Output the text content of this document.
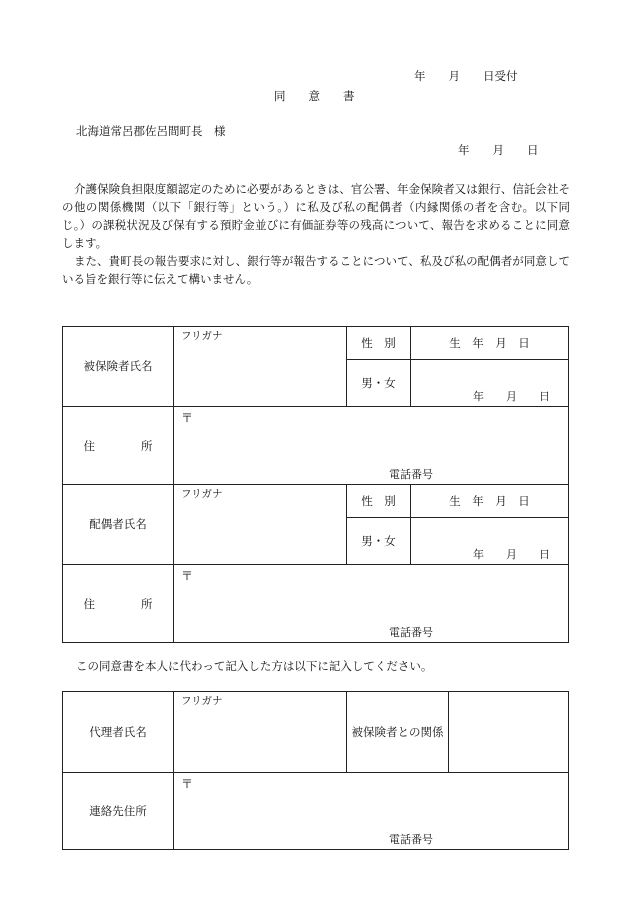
年　　月　　日受付
同　　意　　書
北海道常呂郡佐呂間町長　様
年　　月　　日

介護保険負担限度額認定のために必要があるときは、官公署、年金保険者又は銀行、信託会社その他の関係機関（以下「銀行等」という。）に私及び私の配偶者（内縁関係の者を含む。以下同じ。）の課税状況及び保有する預貯金並びに有価証券等の残高について、報告を求めることに同意します。

また、貴町長の報告要求に対し、銀行等が報告することについて、私及び私の配偶者が同意している旨を銀行等に伝えて構いません。

被保険者氏名	フリガナ	性　別	生　年　月　日

		男・女	年　　月　　日

住　　　　所	〒
電話番号		

配偶者氏名	フリガナ	性　別	生　年　月　日

		男・女	年　　月　　日

住　　　　所	〒
電話番号		
この同意書を本人に代わって記入した方は以下に記入してください。
代理者氏名	フリガナ	被保険者との関係	

連絡先住所	〒
電話番号		
